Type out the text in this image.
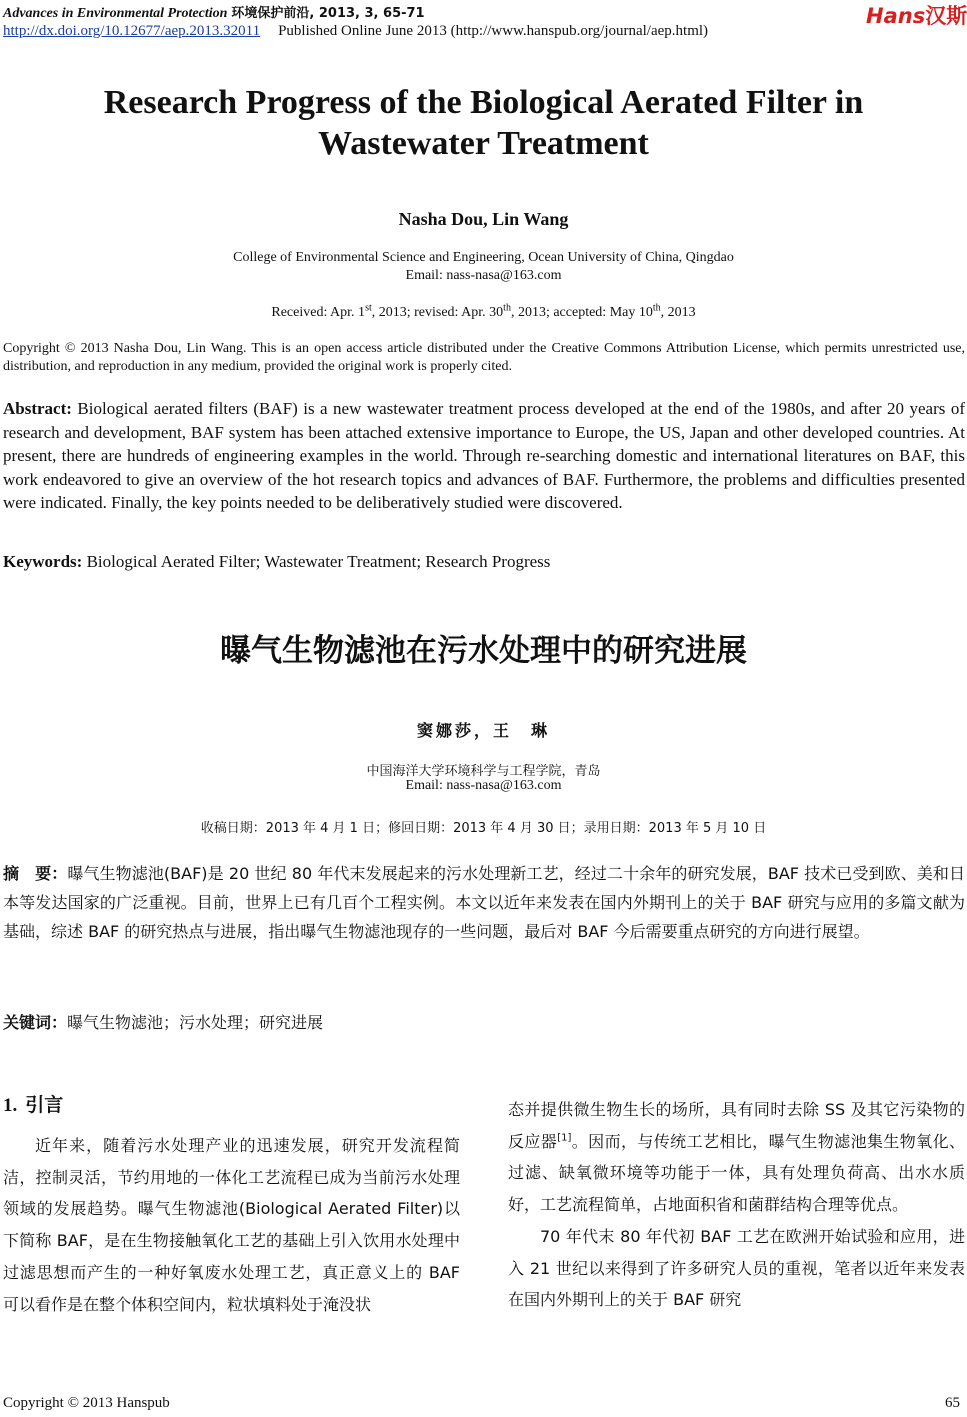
Advances in Environmental Protection 环境保护前沿, 2013, 3, 65-71
http://dx.doi.org/10.12677/aep.2013.32011 Published Online June 2013 (http://www.hanspub.org/journal/aep.html)
Hans汉斯
Research Progress of the Biological Aerated Filter in
Wastewater Treatment
Nasha Dou, Lin Wang
College of Environmental Science and Engineering, Ocean University of China, Qingdao
Email: nass-nasa@163.com
Received: Apr. 1st, 2013; revised: Apr. 30th, 2013; accepted: May 10th, 2013
Copyright © 2013 Nasha Dou, Lin Wang. This is an open access article distributed under the Creative Commons Attribution License, which permits unrestricted use, distribution, and reproduction in any medium, provided the original work is properly cited.
Abstract: Biological aerated filters (BAF) is a new wastewater treatment process developed at the end of the 1980s, and after 20 years of research and development, BAF system has been attached extensive importance to Europe, the US, Japan and other developed countries. At present, there are hundreds of engineering examples in the world. Through re-searching domestic and international literatures on BAF, this work endeavored to give an overview of the hot research topics and advances of BAF. Furthermore, the problems and difficulties presented were indicated. Finally, the key points needed to be deliberatively studied were discovered.
Keywords: Biological Aerated Filter; Wastewater Treatment; Research Progress
曝气生物滤池在污水处理中的研究进展
窦娜莎，王　琳
中国海洋大学环境科学与工程学院，青岛
Email: nass-nasa@163.com
收稿日期：2013 年 4 月 1 日；修回日期：2013 年 4 月 30 日；录用日期：2013 年 5 月 10 日
摘　要：曝气生物滤池(BAF)是 20 世纪 80 年代末发展起来的污水处理新工艺，经过二十余年的研究发展，BAF 技术已受到欧、美和日本等发达国家的广泛重视。目前，世界上已有几百个工程实例。本文以近年来发表在国内外期刊上的关于 BAF 研究与应用的多篇文献为基础，综述 BAF 的研究热点与进展，指出曝气生物滤池现存的一些问题，最后对 BAF 今后需要重点研究的方向进行展望。
关键词：曝气生物滤池；污水处理；研究进展
1. 引言

近年来，随着污水处理产业的迅速发展，研究开发流程简洁，控制灵活，节约用地的一体化工艺流程已成为当前污水处理领域的发展趋势。曝气生物滤池(Biological Aerated Filter)以下简称 BAF，是在生物接触氧化工艺的基础上引入饮用水处理中过滤思想而产生的一种好氧废水处理工艺，真正意义上的 BAF 可以看作是在整个体积空间内，粒状填料处于淹没状

态并提供微生物生长的场所，具有同时去除 SS 及其它污染物的反应器[1]。因而，与传统工艺相比，曝气生物滤池集生物氧化、过滤、缺氧微环境等功能于一体，具有处理负荷高、出水水质好，工艺流程简单，占地面积省和菌群结构合理等优点。

70 年代末 80 年代初 BAF 工艺在欧洲开始试验和应用，进入 21 世纪以来得到了许多研究人员的重视，笔者以近年来发表在国内外期刊上的关于 BAF 研究

Copyright © 2013 Hanspub	65
